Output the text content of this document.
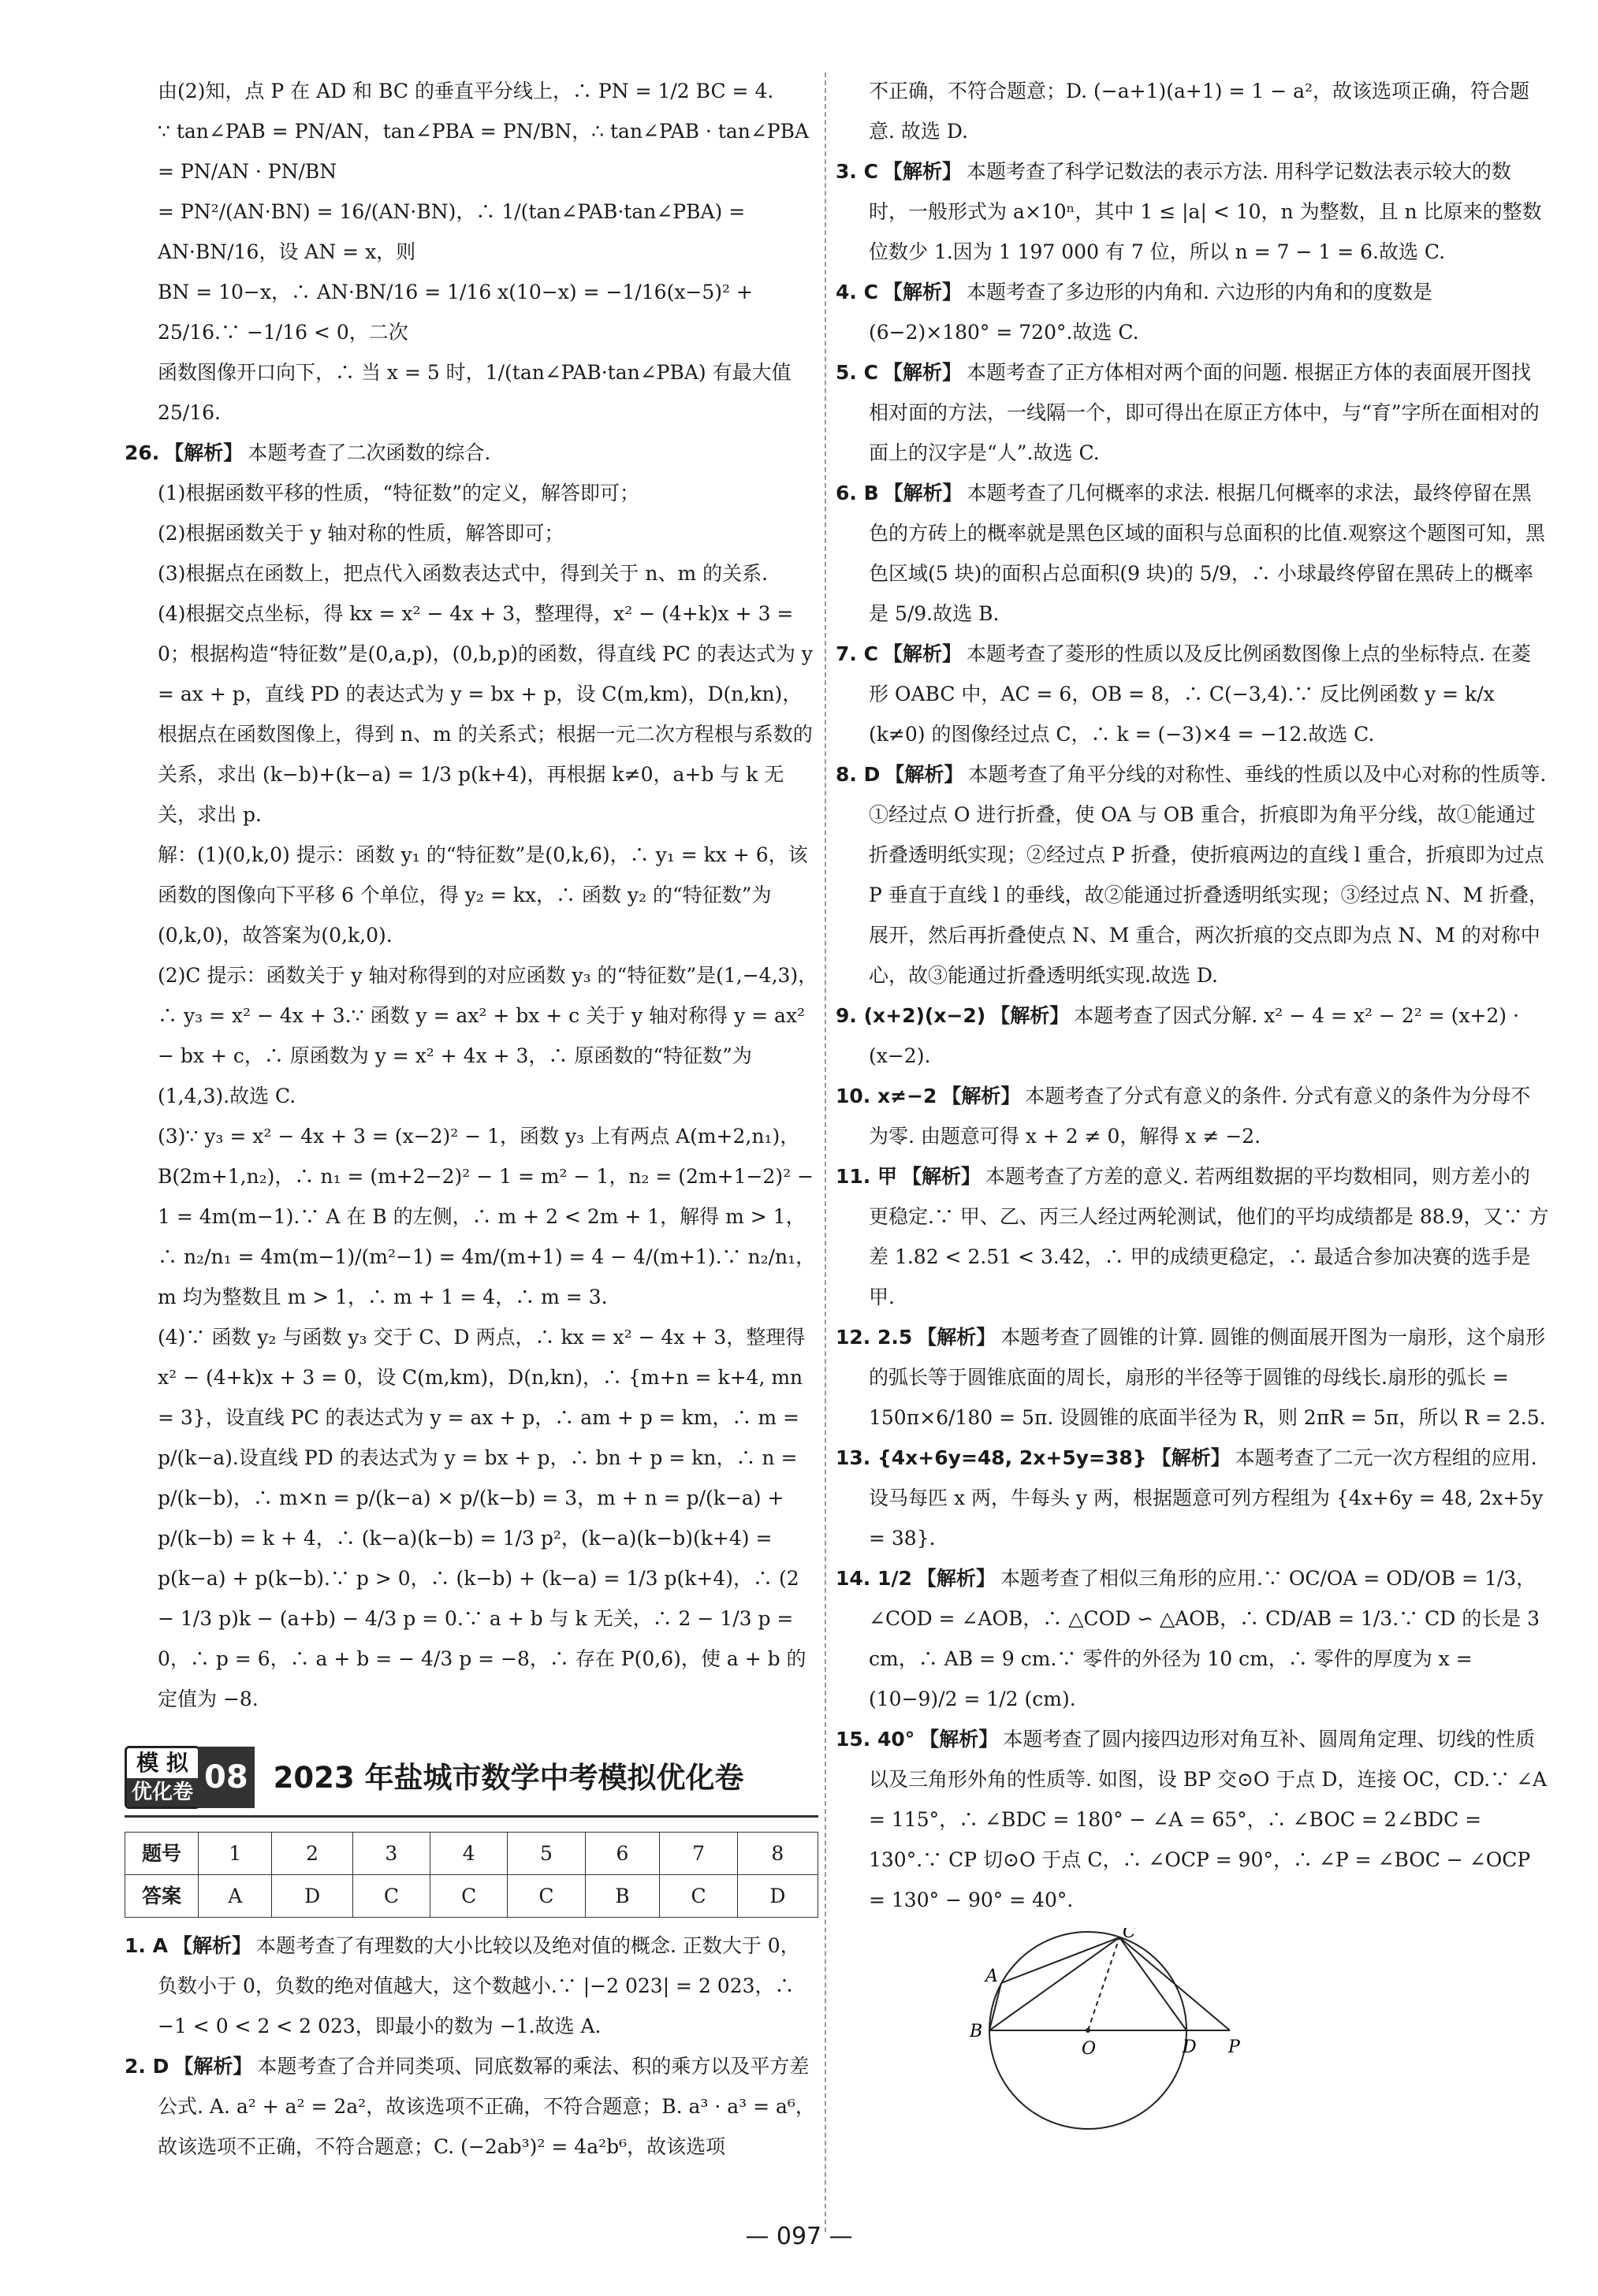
由(2)知，点 P 在 AD 和 BC 的垂直平分线上，∴ PN = 1/2 BC = 4.

∵ tan∠PAB = PN/AN，tan∠PBA = PN/BN，∴ tan∠PAB · tan∠PBA = PN/AN · PN/BN

= PN²/(AN·BN) = 16/(AN·BN)，∴ 1/(tan∠PAB·tan∠PBA) = AN·BN/16，设 AN = x，则

BN = 10−x，∴ AN·BN/16 = 1/16 x(10−x) = −1/16(x−5)² + 25/16.∵ −1/16 < 0，二次

函数图像开口向下，∴ 当 x = 5 时，1/(tan∠PAB·tan∠PBA) 有最大值 25/16.

26. 【解析】 本题考查了二次函数的综合.

(1)根据函数平移的性质，“特征数”的定义，解答即可；

(2)根据函数关于 y 轴对称的性质，解答即可；

(3)根据点在函数上，把点代入函数表达式中，得到关于 n、m 的关系.

(4)根据交点坐标，得 kx = x² − 4x + 3，整理得，x² − (4+k)x + 3 = 0；根据构造“特征数”是(0,a,p)，(0,b,p)的函数，得直线 PC 的表达式为 y = ax + p，直线 PD 的表达式为 y = bx + p，设 C(m,km)，D(n,kn)，根据点在函数图像上，得到 n、m 的关系式；根据一元二次方程根与系数的关系，求出 (k−b)+(k−a) = 1/3 p(k+4)，再根据 k≠0，a+b 与 k 无关，求出 p.

解：(1)(0,k,0) 提示：函数 y₁ 的“特征数”是(0,k,6)，∴ y₁ = kx + 6，该函数的图像向下平移 6 个单位，得 y₂ = kx，∴ 函数 y₂ 的“特征数”为(0,k,0)，故答案为(0,k,0).

(2)C 提示：函数关于 y 轴对称得到的对应函数 y₃ 的“特征数”是(1,−4,3)，∴ y₃ = x² − 4x + 3.∵ 函数 y = ax² + bx + c 关于 y 轴对称得 y = ax² − bx + c，∴ 原函数为 y = x² + 4x + 3，∴ 原函数的“特征数”为(1,4,3).故选 C.

(3)∵ y₃ = x² − 4x + 3 = (x−2)² − 1，函数 y₃ 上有两点 A(m+2,n₁)，B(2m+1,n₂)，∴ n₁ = (m+2−2)² − 1 = m² − 1，n₂ = (2m+1−2)² − 1 = 4m(m−1).∵ A 在 B 的左侧，∴ m + 2 < 2m + 1，解得 m > 1，∴ n₂/n₁ = 4m(m−1)/(m²−1) = 4m/(m+1) = 4 − 4/(m+1).∵ n₂/n₁，m 均为整数且 m > 1，∴ m + 1 = 4，∴ m = 3.

(4)∵ 函数 y₂ 与函数 y₃ 交于 C、D 两点，∴ kx = x² − 4x + 3，整理得 x² − (4+k)x + 3 = 0，设 C(m,km)，D(n,kn)，∴ {m+n = k+4, mn = 3}，设直线 PC 的表达式为 y = ax + p，∴ am + p = km，∴ m = p/(k−a).设直线 PD 的表达式为 y = bx + p，∴ bn + p = kn，∴ n = p/(k−b)，∴ m×n = p/(k−a) × p/(k−b) = 3，m + n = p/(k−a) + p/(k−b) = k + 4，∴ (k−a)(k−b) = 1/3 p²，(k−a)(k−b)(k+4) = p(k−a) + p(k−b).∵ p > 0，∴ (k−b) + (k−a) = 1/3 p(k+4)，∴ (2 − 1/3 p)k − (a+b) − 4/3 p = 0.∵ a + b 与 k 无关，∴ 2 − 1/3 p = 0，∴ p = 6，∴ a + b = − 4/3 p = −8，∴ 存在 P(0,6)，使 a + b 的定值为 −8.

模 拟
优化卷 08 2023 年盐城市数学中考模拟优化卷
题号	1	2	3	4	5	6	7	8
答案	A	D	C	C	C	B	C	D

1. A 【解析】 本题考查了有理数的大小比较以及绝对值的概念. 正数大于 0，负数小于 0，负数的绝对值越大，这个数越小.∵ |−2 023| = 2 023，∴ −1 < 0 < 2 < 2 023，即最小的数为 −1.故选 A.

2. D 【解析】 本题考查了合并同类项、同底数幂的乘法、积的乘方以及平方差公式. A. a² + a² = 2a²，故该选项不正确，不符合题意；B. a³ · a³ = a⁶，故该选项不正确，不符合题意；C. (−2ab³)² = 4a²b⁶，故该选项

不正确，不符合题意；D. (−a+1)(a+1) = 1 − a²，故该选项正确，符合题意. 故选 D.

3. C 【解析】 本题考查了科学记数法的表示方法. 用科学记数法表示较大的数时，一般形式为 a×10ⁿ，其中 1 ≤ |a| < 10，n 为整数，且 n 比原来的整数位数少 1.因为 1 197 000 有 7 位，所以 n = 7 − 1 = 6.故选 C.

4. C 【解析】 本题考查了多边形的内角和. 六边形的内角和的度数是 (6−2)×180° = 720°.故选 C.

5. C 【解析】 本题考查了正方体相对两个面的问题. 根据正方体的表面展开图找相对面的方法，一线隔一个，即可得出在原正方体中，与“育”字所在面相对的面上的汉字是“人”.故选 C.

6. B 【解析】 本题考查了几何概率的求法. 根据几何概率的求法，最终停留在黑色的方砖上的概率就是黑色区域的面积与总面积的比值.观察这个题图可知，黑色区域(5 块)的面积占总面积(9 块)的 5/9，∴ 小球最终停留在黑砖上的概率是 5/9.故选 B.

7. C 【解析】 本题考查了菱形的性质以及反比例函数图像上点的坐标特点. 在菱形 OABC 中，AC = 6，OB = 8，∴ C(−3,4).∵ 反比例函数 y = k/x (k≠0) 的图像经过点 C，∴ k = (−3)×4 = −12.故选 C.

8. D 【解析】 本题考查了角平分线的对称性、垂线的性质以及中心对称的性质等. ①经过点 O 进行折叠，使 OA 与 OB 重合，折痕即为角平分线，故①能通过折叠透明纸实现；②经过点 P 折叠，使折痕两边的直线 l 重合，折痕即为过点 P 垂直于直线 l 的垂线，故②能通过折叠透明纸实现；③经过点 N、M 折叠，展开，然后再折叠使点 N、M 重合，两次折痕的交点即为点 N、M 的对称中心，故③能通过折叠透明纸实现.故选 D.

9. (x+2)(x−2) 【解析】 本题考查了因式分解. x² − 4 = x² − 2² = (x+2) · (x−2).

10. x≠−2 【解析】 本题考查了分式有意义的条件. 分式有意义的条件为分母不为零. 由题意可得 x + 2 ≠ 0，解得 x ≠ −2.

11. 甲 【解析】 本题考查了方差的意义. 若两组数据的平均数相同，则方差小的更稳定.∵ 甲、乙、丙三人经过两轮测试，他们的平均成绩都是 88.9，又∵ 方差 1.82 < 2.51 < 3.42，∴ 甲的成绩更稳定，∴ 最适合参加决赛的选手是甲.

12. 2.5 【解析】 本题考查了圆锥的计算. 圆锥的侧面展开图为一扇形，这个扇形的弧长等于圆锥底面的周长，扇形的半径等于圆锥的母线长.扇形的弧长 = 150π×6/180 = 5π. 设圆锥的底面半径为 R，则 2πR = 5π，所以 R = 2.5.

13. {4x+6y=48, 2x+5y=38} 【解析】 本题考查了二元一次方程组的应用. 设马每匹 x 两，牛每头 y 两，根据题意可列方程组为 {4x+6y = 48, 2x+5y = 38}.

14. 1/2 【解析】 本题考查了相似三角形的应用.∵ OC/OA = OD/OB = 1/3，∠COD = ∠AOB，∴ △COD ∽ △AOB，∴ CD/AB = 1/3.∵ CD 的长是 3 cm，∴ AB = 9 cm.∵ 零件的外径为 10 cm，∴ 零件的厚度为 x = (10−9)/2 = 1/2 (cm).

15. 40° 【解析】 本题考查了圆内接四边形对角互补、圆周角定理、切线的性质以及三角形外角的性质等. 如图，设 BP 交⊙O 于点 D，连接 OC，CD.∵ ∠A = 115°，∴ ∠BDC = 180° − ∠A = 65°，∴ ∠BOC = 2∠BDC = 130°.∵ CP 切⊙O 于点 C，∴ ∠OCP = 90°，∴ ∠P = ∠BOC − ∠OCP = 130° − 90° = 40°.

A
B
C
O	D P
— 097 —
